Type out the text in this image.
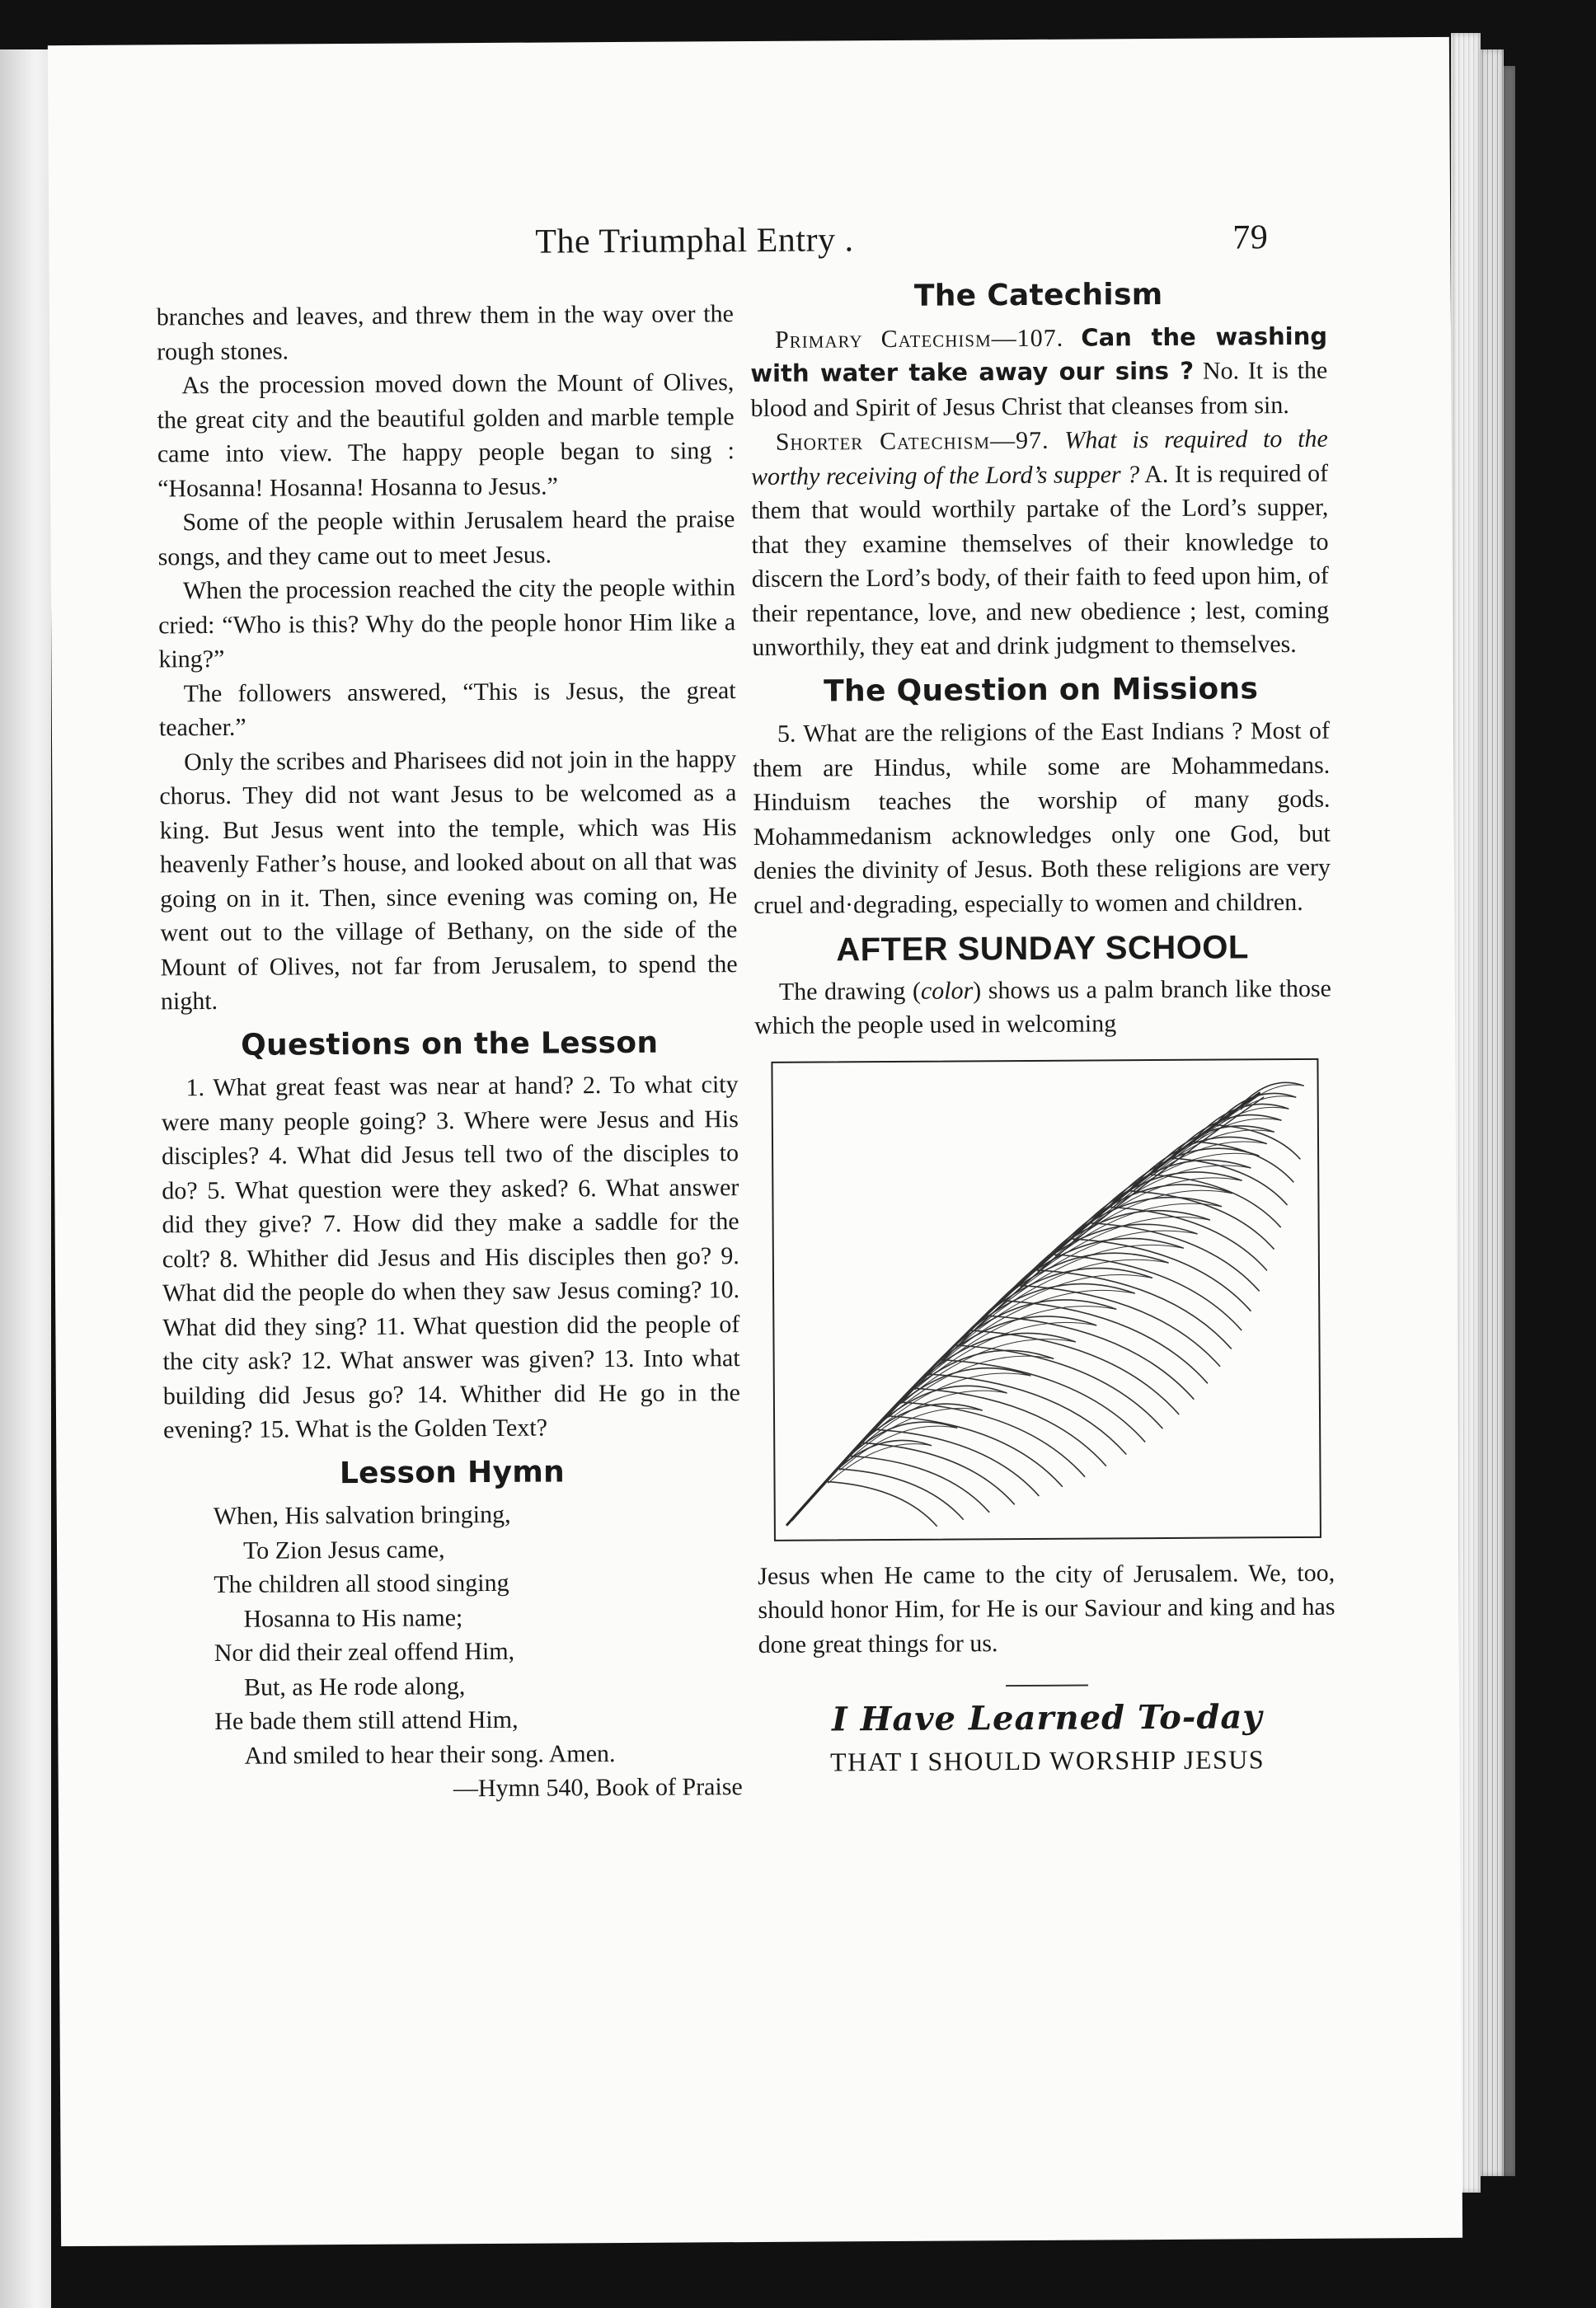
The Triumphal Entry .	79

branches and leaves, and threw them in the way over the rough stones.

As the procession moved down the Mount of Olives, the great city and the beautiful golden and marble temple came into view. The happy people began to sing : “Hosanna! Hosanna! Hosanna to Jesus.”

Some of the people within Jerusalem heard the praise songs, and they came out to meet Jesus.

When the procession reached the city the people within cried: “Who is this? Why do the people honor Him like a king?”

The followers answered, “This is Jesus, the great teacher.”

Only the scribes and Pharisees did not join in the happy chorus. They did not want Jesus to be welcomed as a king. But Jesus went into the temple, which was His heavenly Father’s house, and looked about on all that was going on in it. Then, since evening was coming on, He went out to the village of Bethany, on the side of the Mount of Olives, not far from Jerusalem, to spend the night.

Questions on the Lesson

1. What great feast was near at hand? 2. To what city were many people going? 3. Where were Jesus and His disciples? 4. What did Jesus tell two of the disciples to do? 5. What question were they asked? 6. What answer did they give? 7. How did they make a saddle for the colt? 8. Whither did Jesus and His disciples then go? 9. What did the people do when they saw Jesus coming? 10. What did they sing? 11. What question did the people of the city ask? 12. What answer was given? 13. Into what building did Jesus go? 14. Whither did He go in the evening? 15. What is the Golden Text?

Lesson Hymn
When, His salvation bringing,
To Zion Jesus came,
The children all stood singing
Hosanna to His name;
Nor did their zeal offend Him,
But, as He rode along,
He bade them still attend Him,
And smiled to hear their song. Amen.
—Hymn 540, Book of Praise
The Catechism

Primary Catechism—107. Can the washing with water take away our sins ? No. It is the blood and Spirit of Jesus Christ that cleanses from sin.

Shorter Catechism—97. What is required to the worthy receiving of the Lord’s supper ? A. It is required of them that would worthily partake of the Lord’s supper, that they examine themselves of their knowledge to discern the Lord’s body, of their faith to feed upon him, of their repentance, love, and new obedience ; lest, coming unworthily, they eat and drink judgment to themselves.

The Question on Missions

5. What are the religions of the East Indians ? Most of them are Hindus, while some are Mohammedans. Hinduism teaches the worship of many gods. Mohammedanism acknowledges only one God, but denies the divinity of Jesus. Both these religions are very cruel and·degrading, especially to women and children.

AFTER SUNDAY SCHOOL

The drawing (color) shows us a palm branch like those which the people used in welcoming

Jesus when He came to the city of Jerusalem. We, too, should honor Him, for He is our Saviour and king and has done great things for us.

I Have Learned To-day
THAT I SHOULD WORSHIP JESUS
